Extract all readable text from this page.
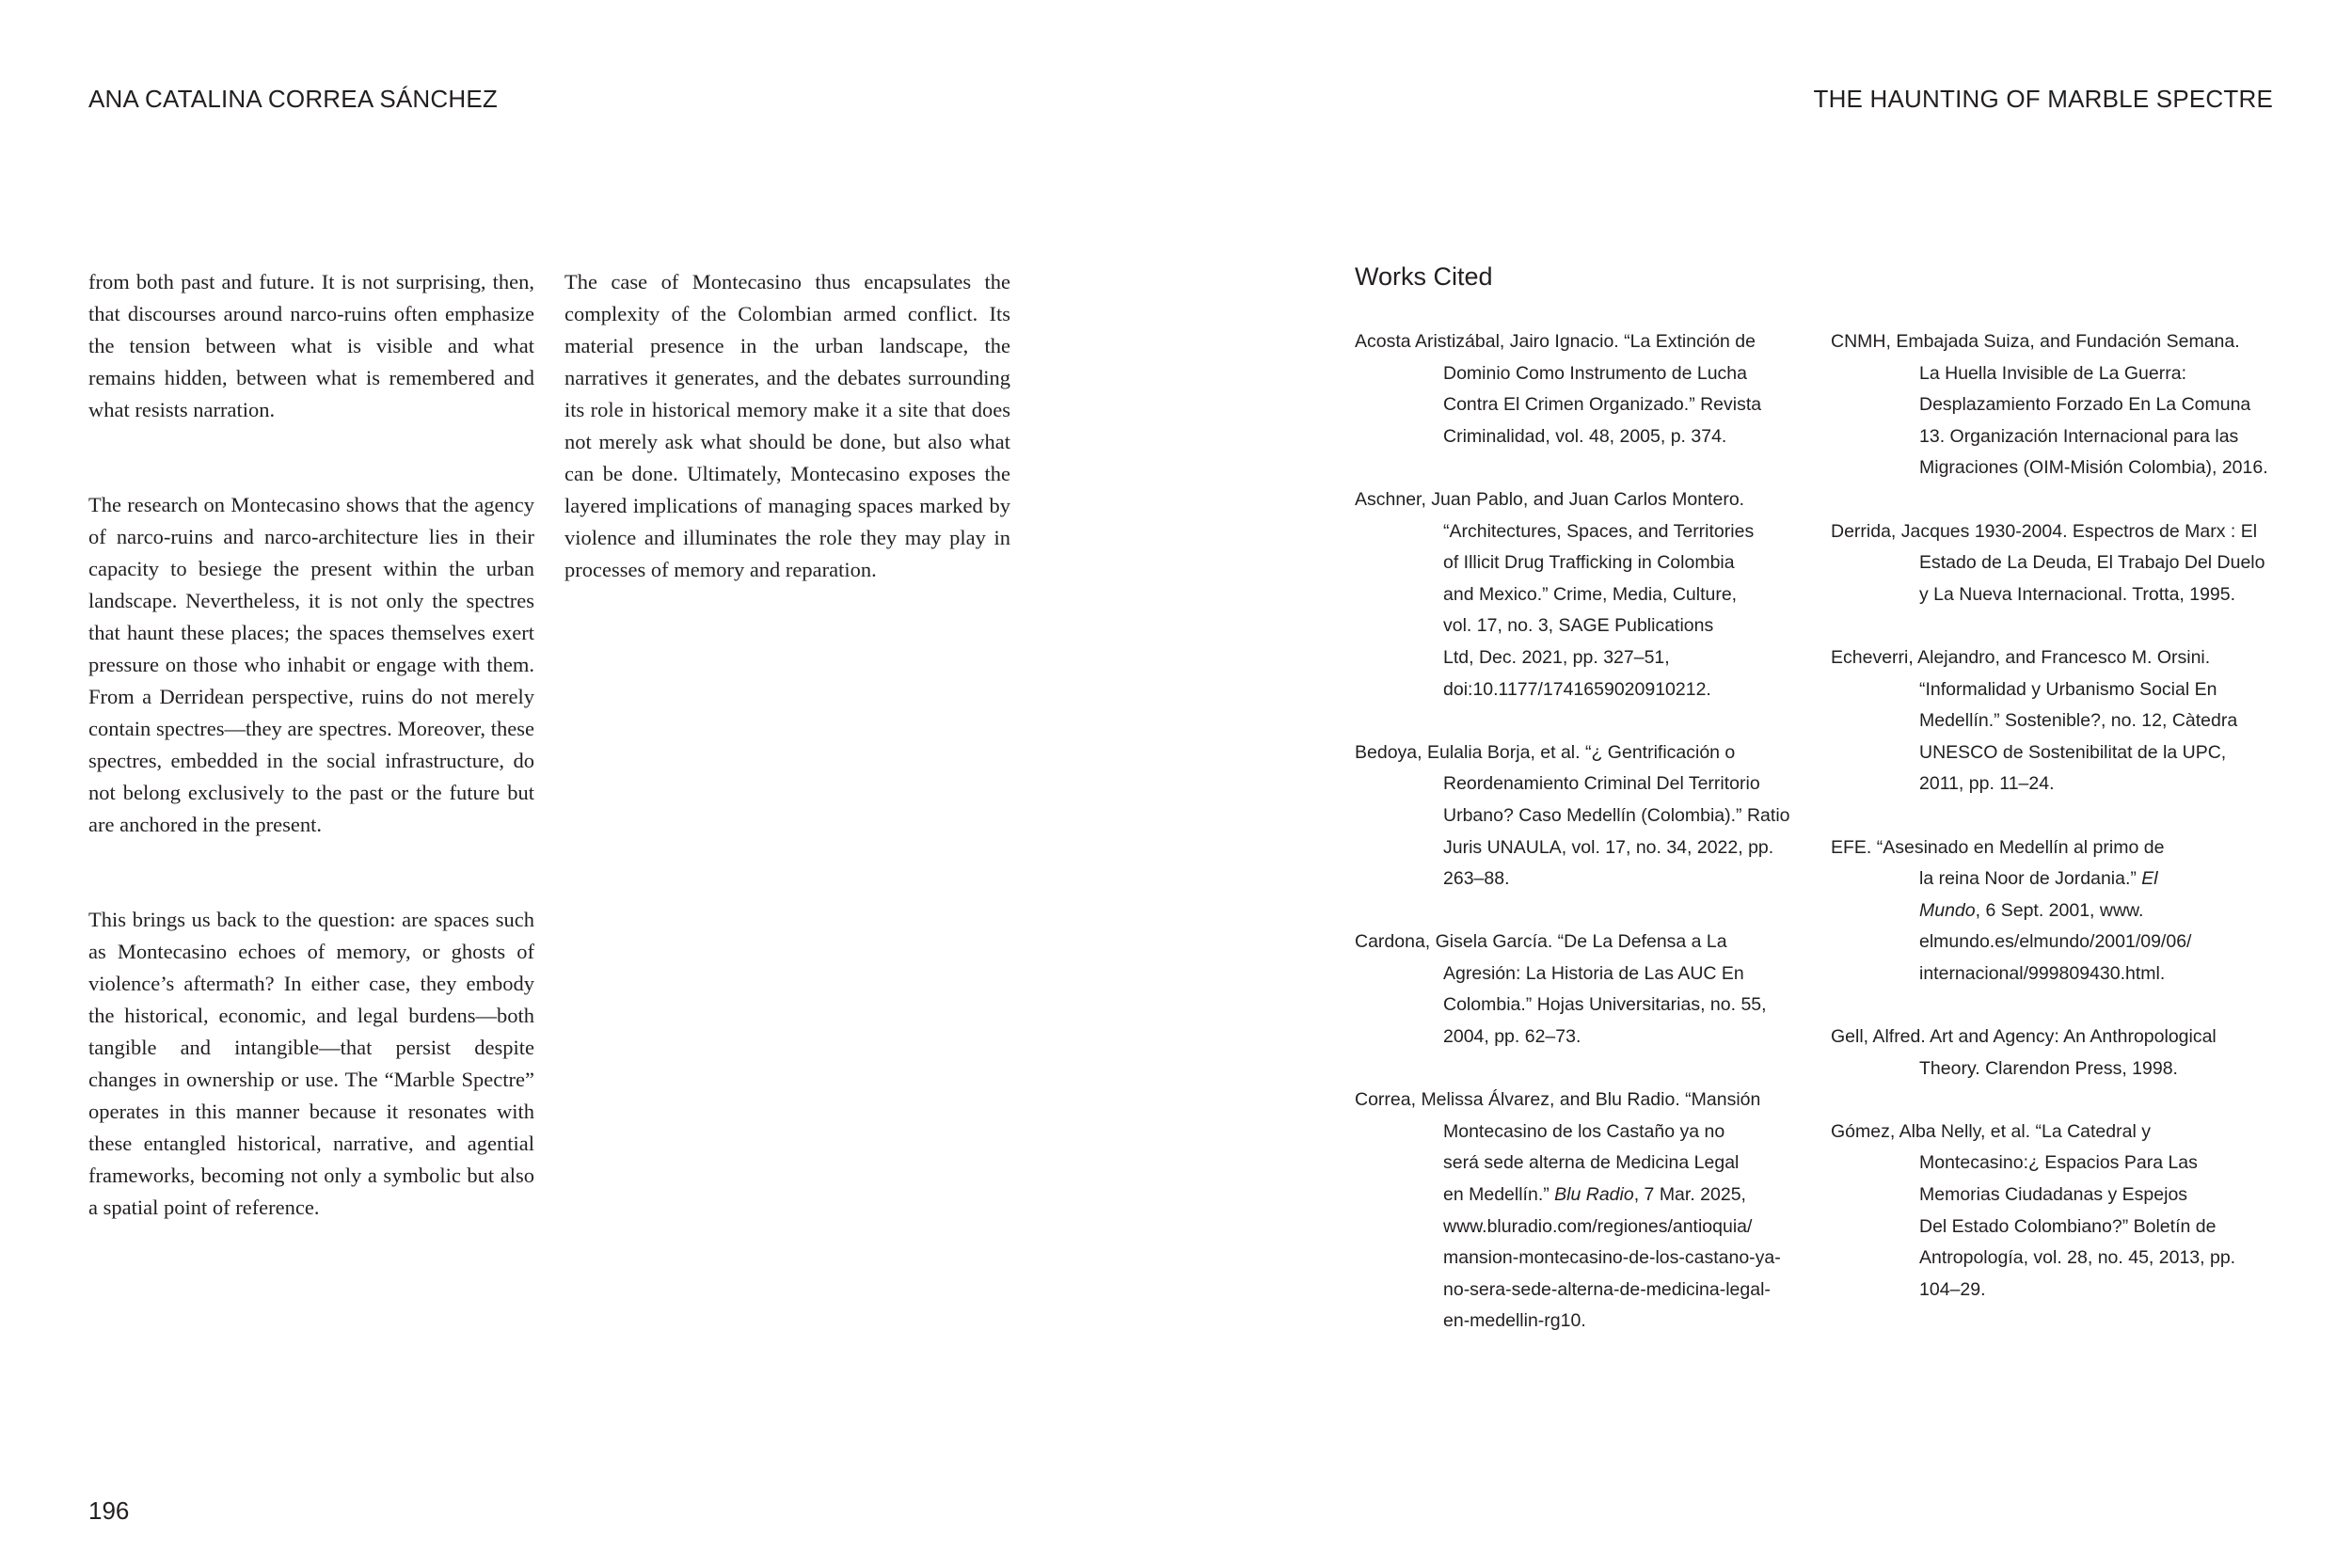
ANA CATALINA CORREA SÁNCHEZ	THE HAUNTING OF MARBLE SPECTRE

from both past and future. It is not surprising, then, that discourses around narco-ruins often emphasize the tension between what is visible and what remains hidden, between what is remembered and what resists narration.

The research on Montecasino shows that the agency of narco-ruins and narco-architecture lies in their capacity to besiege the present within the urban landscape. Nevertheless, it is not only the spectres that haunt these places; the spaces themselves exert pressure on those who inhabit or engage with them. From a Derridean perspective, ruins do not merely contain spectres—they are spectres. Moreover, these spectres, embedded in the social infrastructure, do not belong exclusively to the past or the future but are anchored in the present.

This brings us back to the question: are spaces such as Montecasino echoes of memory, or ghosts of violence’s aftermath? In either case, they embody the historical, economic, and legal burdens—both tangible and intangible—that persist despite changes in ownership or use. The “Marble Spectre” operates in this manner because it resonates with these entangled historical, narrative, and agential frameworks, becoming not only a symbolic but also a spatial point of reference.

The case of Montecasino thus encapsulates the complexity of the Colombian armed conflict. Its material presence in the urban landscape, the narratives it generates, and the debates surrounding its role in historical memory make it a site that does not merely ask what should be done, but also what can be done. Ultimately, Montecasino exposes the layered implications of managing spaces marked by violence and illuminates the role they may play in processes of memory and reparation.

196
Works Cited
Acosta Aristizábal, Jairo Ignacio. “La Extinción de
Dominio Como Instrumento de Lucha
Contra El Crimen Organizado.” Revista
Criminalidad, vol. 48, 2005, p. 374.
Aschner, Juan Pablo, and Juan Carlos Montero.
“Architectures, Spaces, and Territories
of Illicit Drug Trafficking in Colombia
and Mexico.” Crime, Media, Culture,
vol. 17, no. 3, SAGE Publications
Ltd, Dec. 2021, pp. 327–51,
doi:10.1177/1741659020910212.
Bedoya, Eulalia Borja, et al. “¿ Gentrificación o
Reordenamiento Criminal Del Territorio
Urbano? Caso Medellín (Colombia).” Ratio
Juris UNAULA, vol. 17, no. 34, 2022, pp.
263–88.
Cardona, Gisela García. “De La Defensa a La
Agresión: La Historia de Las AUC En
Colombia.” Hojas Universitarias, no. 55,
2004, pp. 62–73.
Correa, Melissa Álvarez, and Blu Radio. “Mansión
Montecasino de los Castaño ya no
será sede alterna de Medicina Legal
en Medellín.” Blu Radio, 7 Mar. 2025,
www.bluradio.com/regiones/antioquia/
mansion-montecasino-de-los-castano-ya-
no-sera-sede-alterna-de-medicina-legal-
en-medellin-rg10.
CNMH, Embajada Suiza, and Fundación Semana.
La Huella Invisible de La Guerra:
Desplazamiento Forzado En La Comuna
13. Organización Internacional para las
Migraciones (OIM-Misión Colombia), 2016.
Derrida, Jacques 1930-2004. Espectros de Marx : El
Estado de La Deuda, El Trabajo Del Duelo
y La Nueva Internacional. Trotta, 1995.
Echeverri, Alejandro, and Francesco M. Orsini.
“Informalidad y Urbanismo Social En
Medellín.” Sostenible?, no. 12, Càtedra
UNESCO de Sostenibilitat de la UPC,
2011, pp. 11–24.
EFE. “Asesinado en Medellín al primo de
la reina Noor de Jordania.” El
Mundo, 6 Sept. 2001, www.
elmundo.es/elmundo/2001/09/06/
internacional/999809430.html.
Gell, Alfred. Art and Agency: An Anthropological
Theory. Clarendon Press, 1998.
Gómez, Alba Nelly, et al. “La Catedral y
Montecasino:¿ Espacios Para Las
Memorias Ciudadanas y Espejos
Del Estado Colombiano?” Boletín de
Antropología, vol. 28, no. 45, 2013, pp.
104–29.
